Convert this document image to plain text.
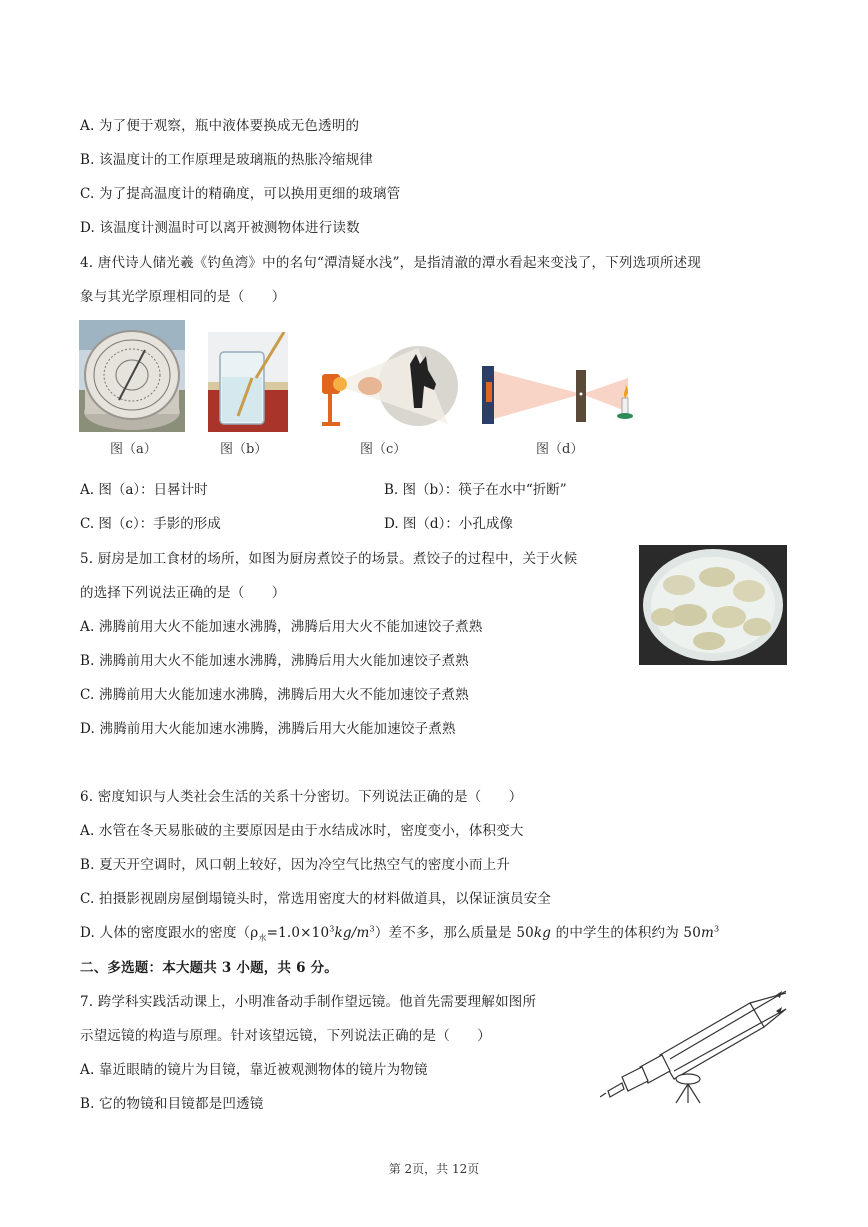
A. 为了便于观察，瓶中液体要换成无色透明的
B. 该温度计的工作原理是玻璃瓶的热胀冷缩规律
C. 为了提高温度计的精确度，可以换用更细的玻璃管
D. 该温度计测温时可以离开被测物体进行读数
4. 唐代诗人储光羲《钓鱼湾》中的名句“潭清疑水浅”，是指清澈的潭水看起来变浅了，下列选项所述现
象与其光学原理相同的是（　　）
图（a）	图（b）	图（c）	图（d）
A. 图（a）：日晷计时	B. 图（b）：筷子在水中“折断”
C. 图（c）：手影的形成	D. 图（d）：小孔成像
5. 厨房是加工食材的场所，如图为厨房煮饺子的场景。煮饺子的过程中，关于火候
的选择下列说法正确的是（　　）
A. 沸腾前用大火不能加速水沸腾，沸腾后用大火不能加速饺子煮熟
B. 沸腾前用大火不能加速水沸腾，沸腾后用大火能加速饺子煮熟
C. 沸腾前用大火能加速水沸腾，沸腾后用大火不能加速饺子煮熟
D. 沸腾前用大火能加速水沸腾，沸腾后用大火能加速饺子煮熟
6. 密度知识与人类社会生活的关系十分密切。下列说法正确的是（　　）
A. 水管在冬天易胀破的主要原因是由于水结成冰时，密度变小，体积变大
B. 夏天开空调时，风口朝上较好，因为冷空气比热空气的密度小而上升
C. 拍摄影视剧房屋倒塌镜头时，常选用密度大的材料做道具，以保证演员安全
D. 人体的密度跟水的密度$(\rho_水=1.0\times 10^3kg/m^3)$差不多，那么质量是 50kg 的中学生的体积约为 $50m^3$
二、多选题：本大题共 3 小题，共 6 分。
7. 跨学科实践活动课上，小明准备动手制作望远镜。他首先需要理解如图所
示望远镜的构造与原理。针对该望远镜，下列说法正确的是（　　）
A. 靠近眼睛的镜片为目镜，靠近被观测物体的镜片为物镜
B. 它的物镜和目镜都是凹透镜
第 2页，共 12页
